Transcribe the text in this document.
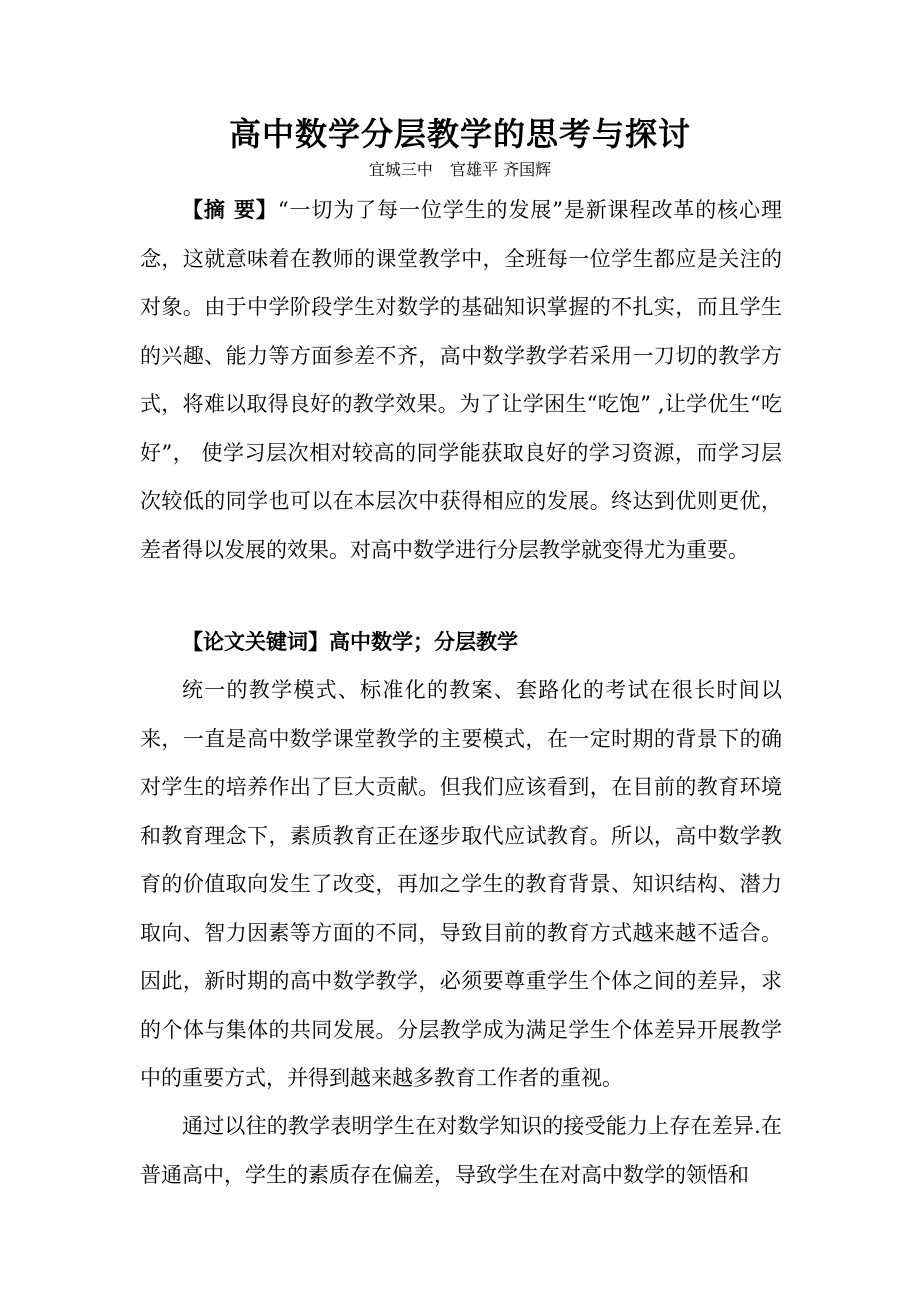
高中数学分层教学的思考与探讨
宜城三中 官雄平 齐国辉
【摘 要】“一切为了每一位学生的发展”是新课程改革的核心理念，这就意味着在教师的课堂教学中，全班每一位学生都应是关注的对象。由于中学阶段学生对数学的基础知识掌握的不扎实，而且学生的兴趣、能力等方面参差不齐，高中数学教学若采用一刀切的教学方式，将难以取得良好的教学效果。为了让学困生“吃饱” ,让学优生“吃好”， 使学习层次相对较高的同学能获取良好的学习资源，而学习层次较低的同学也可以在本层次中获得相应的发展。终达到优则更优，差者得以发展的效果。对高中数学进行分层教学就变得尤为重要。
【论文关键词】高中数学；分层教学
统一的教学模式、标准化的教案、套路化的考试在很长时间以来，一直是高中数学课堂教学的主要模式，在一定时期的背景下的确对学生的培养作出了巨大贡献。但我们应该看到，在目前的教育环境和教育理念下，素质教育正在逐步取代应试教育。所以，高中数学教育的价值取向发生了改变，再加之学生的教育背景、知识结构、潜力取向、智力因素等方面的不同，导致目前的教育方式越来越不适合。因此，新时期的高中数学教学，必须要尊重学生个体之间的差异，求的个体与集体的共同发展。分层教学成为满足学生个体差异开展教学中的重要方式，并得到越来越多教育工作者的重视。
通过以往的教学表明学生在对数学知识的接受能力上存在差异.在普通高中，学生的素质存在偏差，导致学生在对高中数学的领悟和
